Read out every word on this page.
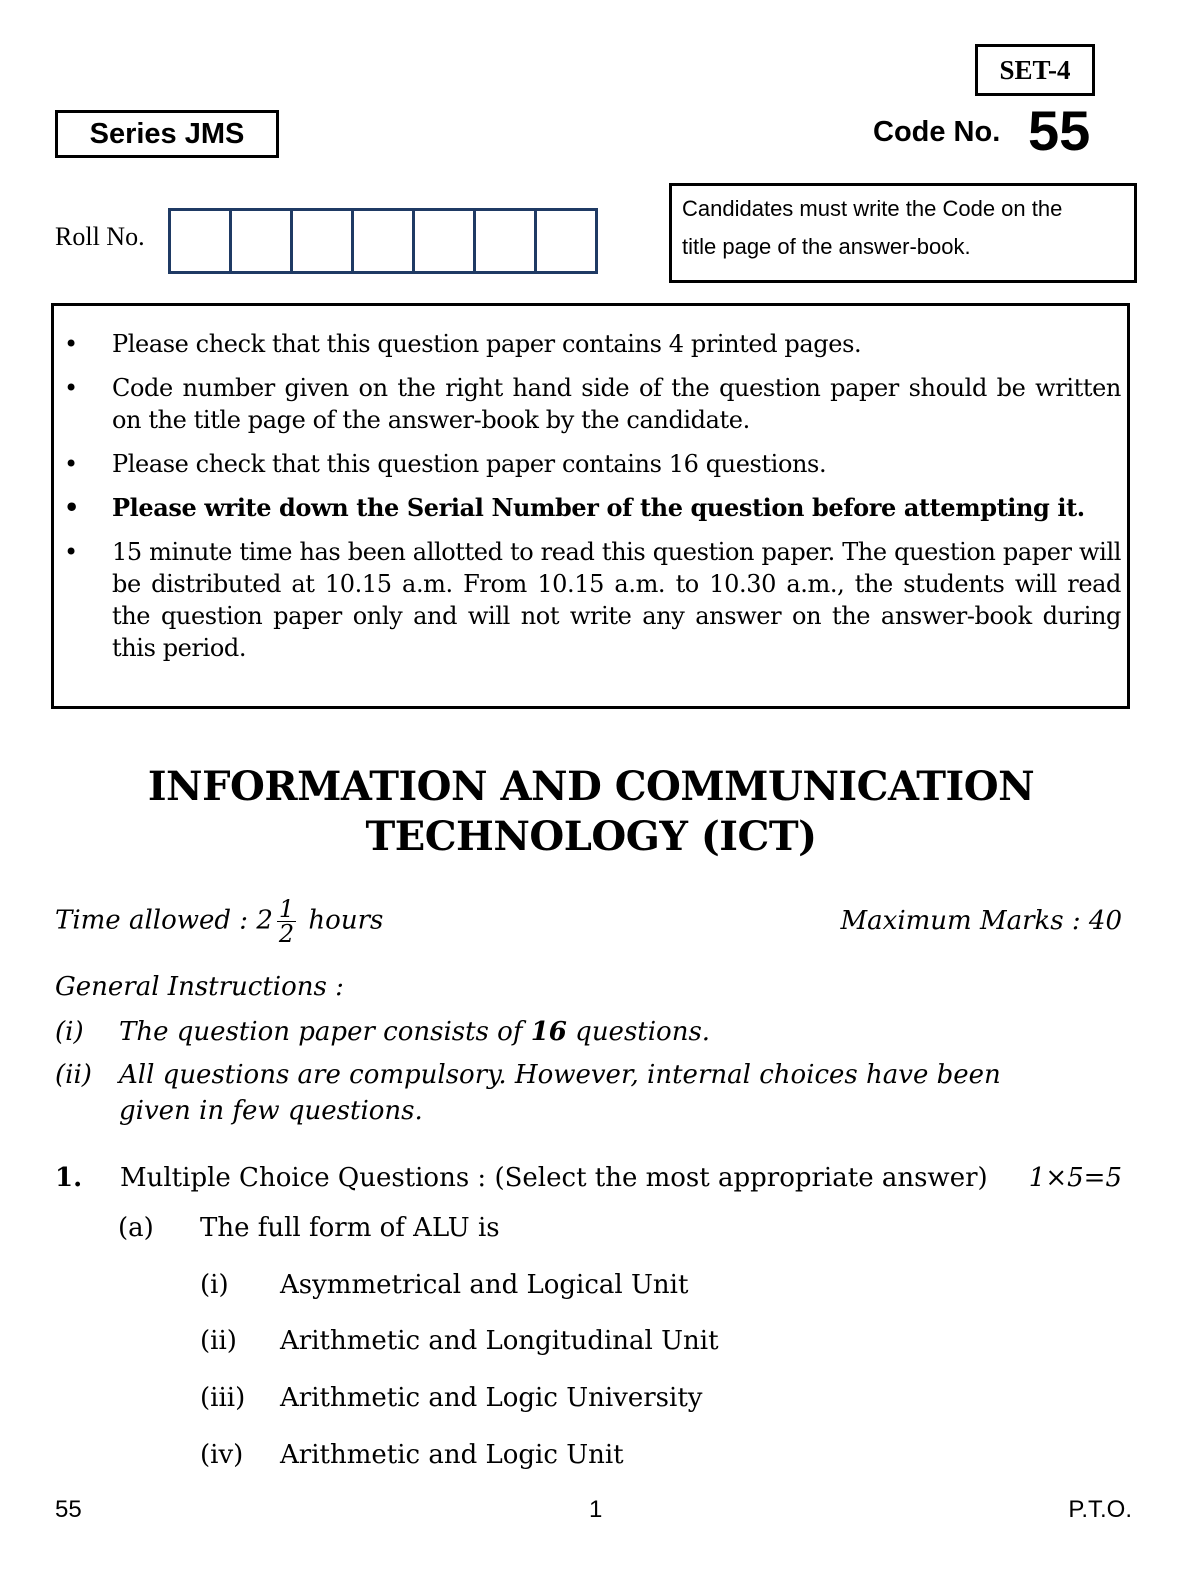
SET-4
Series JMS	Code No. 55
Roll No.
Candidates must write the Code on the
title page of the answer-book.
• Please check that this question paper contains 4 printed pages.
• Code number given on the right hand side of the question paper should be written on the title page of the answer-book by the candidate.
• Please check that this question paper contains 16 questions.
• Please write down the Serial Number of the question before attempting it.
• 15 minute time has been allotted to read this question paper. The question paper will be distributed at 10.15 a.m. From 10.15 a.m. to 10.30 a.m., the students will read the question paper only and will not write any answer on the answer-book during this period.
INFORMATION AND COMMUNICATION
TECHNOLOGY (ICT)
Time allowed : $2 \frac{1}{2}$ hours	Maximum Marks : 40
General Instructions :
(i) The question paper consists of 16 questions.
(ii) All questions are compulsory. However, internal choices have been given in few questions.
1. Multiple Choice Questions : (Select the most appropriate answer) 1×5=5
(a) The full form of ALU is
(i) Asymmetrical and Logical Unit
(ii) Arithmetic and Longitudinal Unit
(iii) Arithmetic and Logic University
(iv) Arithmetic and Logic Unit
55	1	P.T.O.
